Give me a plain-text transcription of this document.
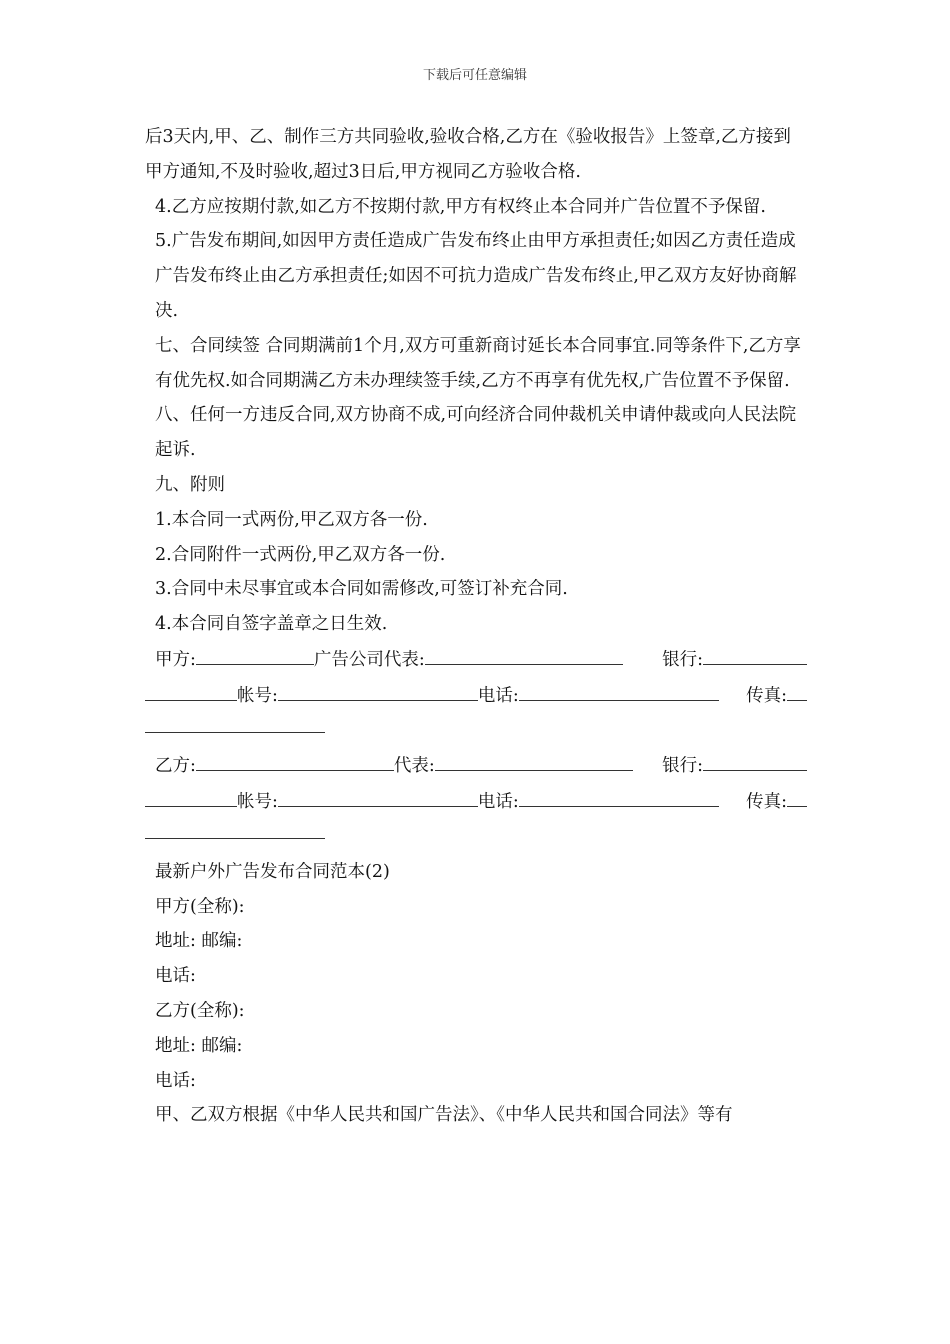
下载后可任意编辑

后3天内,甲、乙、制作三方共同验收,验收合格,乙方在《验收报告》上签章,乙方接到甲方通知,不及时验收,超过3日后,甲方视同乙方验收合格.

4.乙方应按期付款,如乙方不按期付款,甲方有权终止本合同并广告位置不予保留.

5.广告发布期间,如因甲方责任造成广告发布终止由甲方承担责任;如因乙方责任造成广告发布终止由乙方承担责任;如因不可抗力造成广告发布终止,甲乙双方友好协商解决.

七、合同续签 合同期满前1个月,双方可重新商讨延长本合同事宜.同等条件下,乙方享有优先权.如合同期满乙方未办理续签手续,乙方不再享有优先权,广告位置不予保留.

八、任何一方违反合同,双方协商不成,可向经济合同仲裁机关申请仲裁或向人民法院起诉.

九、附则

1.本合同一式两份,甲乙双方各一份.

2.合同附件一式两份,甲乙双方各一份.

3.合同中未尽事宜或本合同如需修改,可签订补充合同.

4.本合同自签字盖章之日生效.

甲方:	广告公司代表:	银行:
帐号:	电话:	传真:
乙方:	代表:	银行:
帐号:	电话:	传真:

最新户外广告发布合同范本(2)

甲方(全称):

地址: 邮编:

电话:

乙方(全称):

地址: 邮编:

电话:

甲、乙双方根据《中华人民共和国广告法》、《中华人民共和国合同法》等有
